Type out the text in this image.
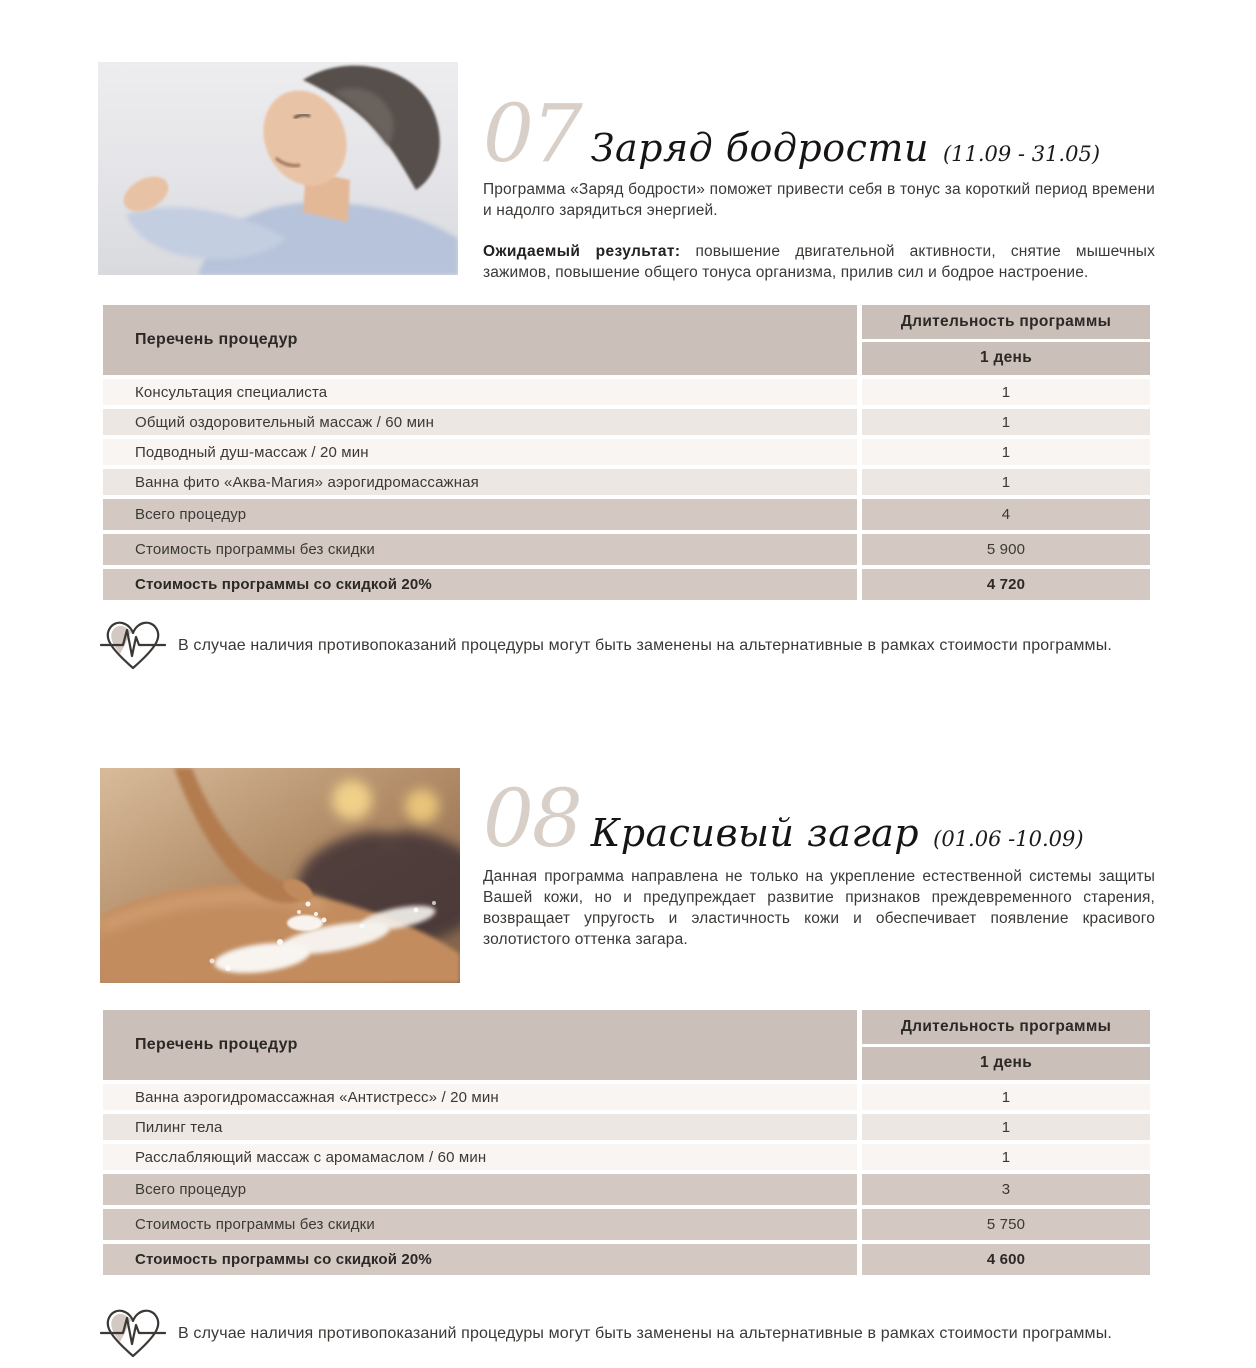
07 Заряд бодрости (11.09 - 31.05)

Программа «Заряд бодрости» поможет привести себя в тонус за короткий период времени и надолго зарядиться энергией.

Ожидаемый результат: повышение двигательной активности, снятие мышечных зажимов, повышение общего тонуса организма, прилив сил и бодрое настроение.

Перечень процедур
Длительность программы
1 день
Консультация специалиста	1
Общий оздоровительный массаж / 60 мин	1
Подводный душ-массаж / 20 мин	1
Ванна фито «Аква-Магия» аэрогидромассажная	1
Всего процедур	4
Стоимость программы без скидки	5 900
Стоимость программы со скидкой 20%	4 720
В случае наличия противопоказаний процедуры могут быть заменены на альтернативные в рамках стоимости программы.
08 Красивый загар (01.06 -10.09)

Данная программа направлена не только на укрепление естественной системы защиты Вашей кожи, но и предупреждает развитие признаков преждевременного старения, возвращает упругость и эластичность кожи и обеспечивает появление красивого золотистого оттенка загара.

Перечень процедур
Длительность программы
1 день
Ванна аэрогидромассажная «Антистресс» / 20 мин	1
Пилинг тела	1
Расслабляющий массаж с аромамаслом / 60 мин	1
Всего процедур	3
Стоимость программы без скидки	5 750
Стоимость программы со скидкой 20%	4 600
В случае наличия противопоказаний процедуры могут быть заменены на альтернативные в рамках стоимости программы.
